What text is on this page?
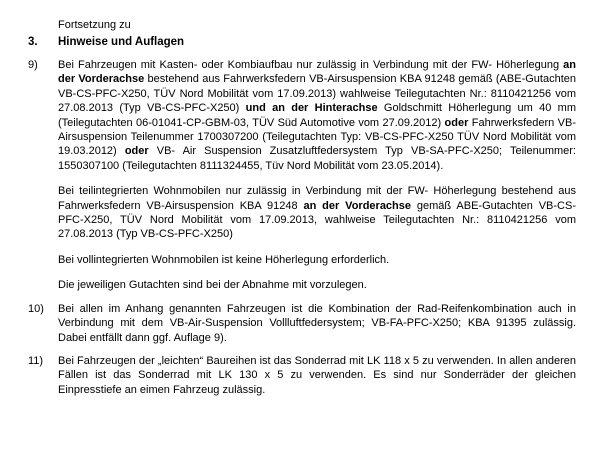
Fortsetzung zu
3.	Hinweise und Auflagen
9)	Bei Fahrzeugen mit Kasten- oder Kombiaufbau nur zulässig in Verbindung mit der FW- Höherlegung an der Vorderachse bestehend aus Fahrwerksfedern VB-Airsuspension KBA 91248 gemäß (ABE-Gutachten VB-CS-PFC-X250, TÜV Nord Mobilität vom 17.09.2013) wahlweise Teilegutachten Nr.: 8110421256 vom 27.08.2013 (Typ VB-CS-PFC-X250) und an der Hinterachse Goldschmitt Höherlegung um 40 mm (Teilegutachten 06-01041-CP-GBM-03, TÜV Süd Automotive vom 27.09.2012) oder Fahrwerksfedern VB-Airsuspension Teilenummer 1700307200 (Teilegutachten Typ: VB-CS-PFC-X250 TÜV Nord Mobilität vom 19.03.2012) oder VB- Air Suspension Zusatzluftfedersystem Typ VB-SA-PFC-X250; Teilenummer: 1550307100 (Teilegutachten 8111324455, Tüv Nord Mobilität vom 23.05.2014).

Bei teilintegrierten Wohnmobilen nur zulässig in Verbindung mit der FW- Höherlegung bestehend aus Fahrwerksfedern VB-Airsuspension KBA 91248 an der Vorderachse gemäß ABE-Gutachten VB-CS-PFC-X250, TÜV Nord Mobilität vom 17.09.2013, wahlweise Teilegutachten Nr.: 8110421256 vom 27.08.2013 (Typ VB-CS-PFC-X250)

Bei vollintegrierten Wohnmobilen ist keine Höherlegung erforderlich.

Die jeweiligen Gutachten sind bei der Abnahme mit vorzulegen.

10)	Bei allen im Anhang genannten Fahrzeugen ist die Kombination der Rad-Reifenkombination auch in Verbindung mit dem VB-Air-Suspension Vollluftfedersystem; VB-FA-PFC-X250; KBA 91395 zulässig. Dabei entfällt dann ggf. Auflage 9).

11)	Bei Fahrzeugen der „leichten“ Baureihen ist das Sonderrad mit LK 118 x 5 zu verwenden. In allen anderen Fällen ist das Sonderrad mit LK 130 x 5 zu verwenden. Es sind nur Sonderräder der gleichen Einpresstiefe an eimen Fahrzeug zulässig.
